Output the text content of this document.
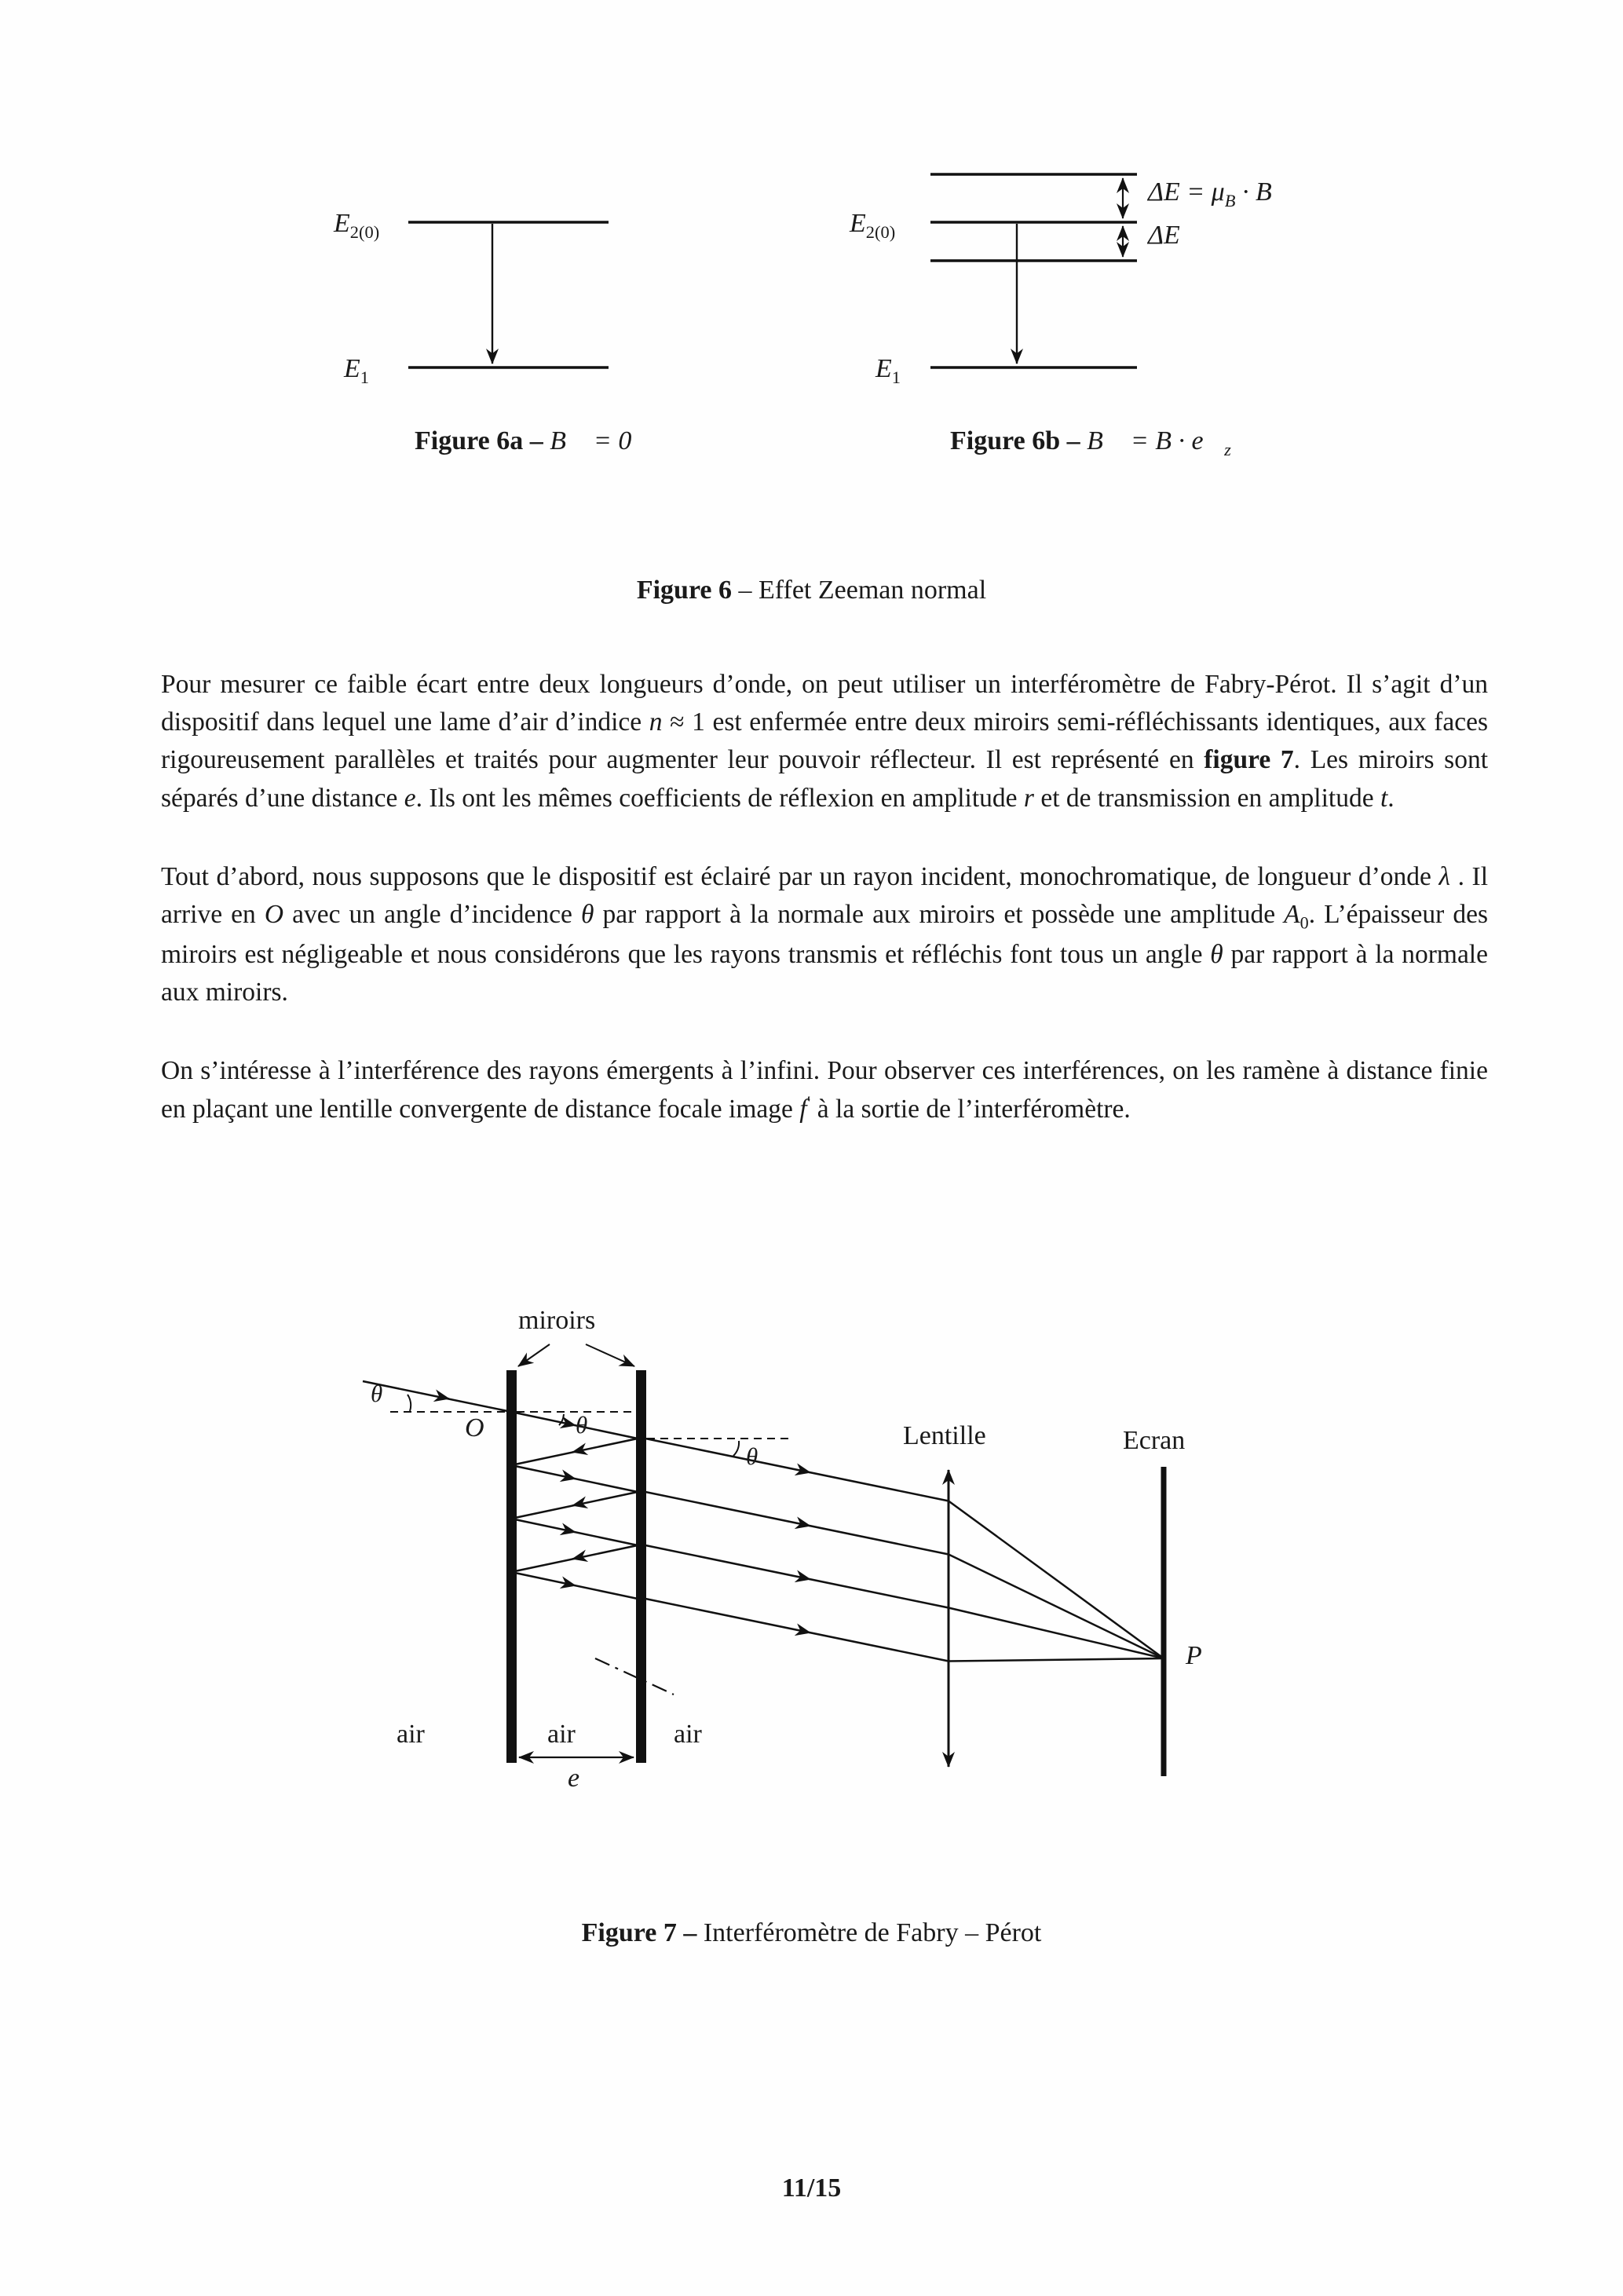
$E_{2(0)}$
$E_1$
$E_{2(0)}$
$E_1$
$\Delta E = \mu_B \cdot B$
ΔE
Figure 6a – B⃗ = 0⃗	Figure 6b – B⃗ = $B \cdot e⃗_z$
Figure 6 – Effet Zeeman normal

Pour mesurer ce faible écart entre deux longueurs d’onde, on peut utiliser un interféromètre de Fabry-Pérot. Il s’agit d’un dispositif dans lequel une lame d’air d’indice n ≈ 1 est enfermée entre deux miroirs semi-réfléchissants identiques, aux faces rigoureusement parallèles et traités pour augmenter leur pouvoir réflecteur. Il est représenté en figure 7. Les miroirs sont séparés d’une distance e. Ils ont les mêmes coefficients de réflexion en amplitude r et de transmission en amplitude t.

Tout d’abord, nous supposons que le dispositif est éclairé par un rayon incident, monochromatique, de longueur d’onde λ . Il arrive en O avec un angle d’incidence θ par rapport à la normale aux miroirs et possède une amplitude $A_0$. L’épaisseur des miroirs est négligeable et nous considérons que les rayons transmis et réfléchis font tous un angle θ par rapport à la normale aux miroirs.

On s’intéresse à l’interférence des rayons émergents à l’infini. Pour observer ces interférences, on les ramène à distance finie en plaçant une lentille convergente de distance focale image f′ à la sortie de l’interféromètre.

miroirs
θ
O	θ
θ
Lentille	Ecran
P
air	air	air
e
Figure 7 – Interféromètre de Fabry – Pérot
11/15
